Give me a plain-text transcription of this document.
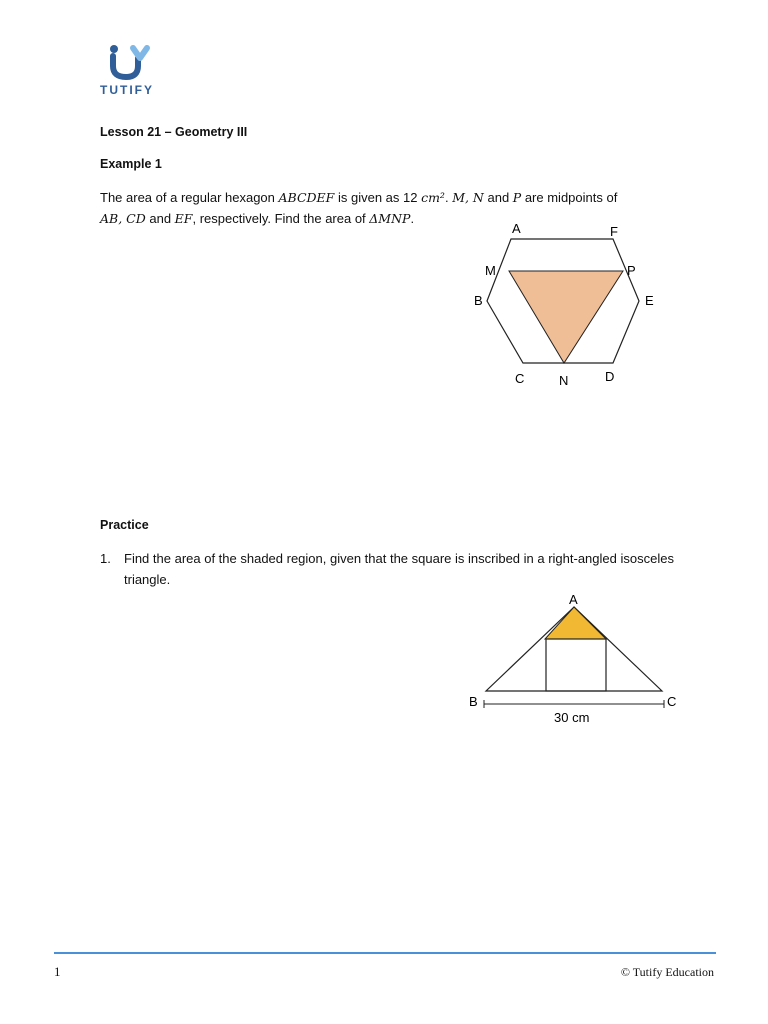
TUTIFY
Lesson 21 – Geometry III
Example 1
The area of a regular hexagon ABCDEF is given as 12 cm². M, N and P are midpoints of
AB, CD and EF, respectively. Find the area of ΔMNP.
A	F
M	P
B	E
C	N	D
Practice
1. Find the area of the shaded region, given that the square is inscribed in a right-angled isosceles triangle.
A
B	C
30 cm
1	© Tutify Education
